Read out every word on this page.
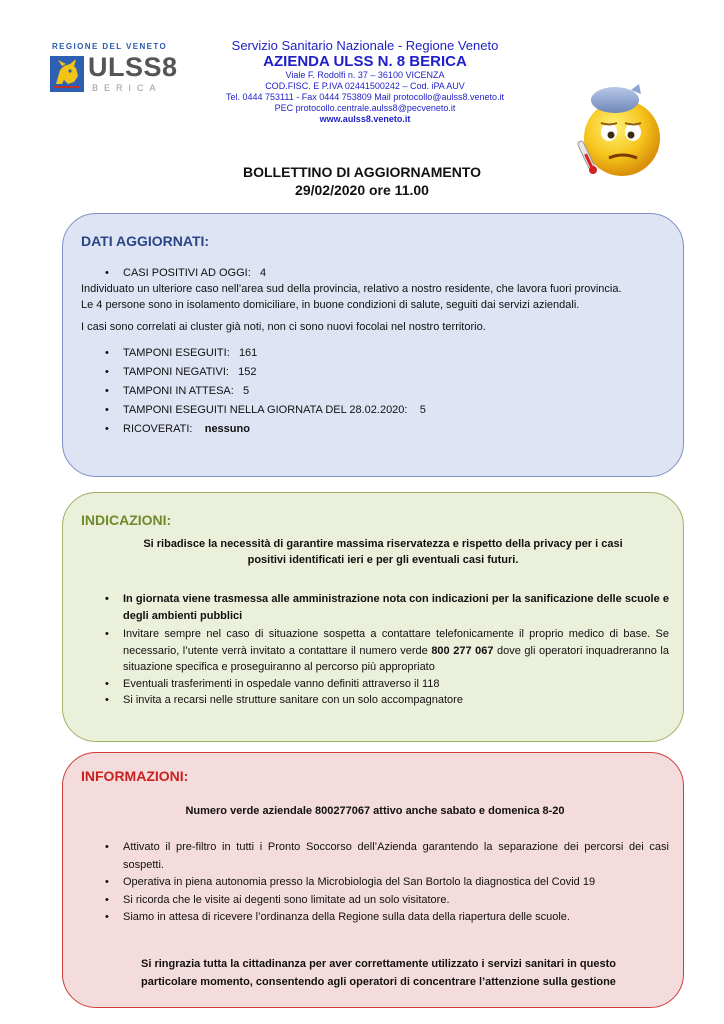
REGIONE DEL VENETO
ULSS8
BERICA
Servizio Sanitario Nazionale - Regione Veneto
AZIENDA ULSS N. 8 BERICA
Viale F. Rodolfi n. 37 – 36100 VICENZA
COD.FISC. E P.IVA 02441500242 – Cod. iPA AUV
Tel. 0444 753111 - Fax 0444 753809 Mail protocollo@aulss8.veneto.it
PEC protocollo.centrale.aulss8@pecveneto.it
www.aulss8.veneto.it
BOLLETTINO DI AGGIORNAMENTO
29/02/2020 ore 11.00
DATI AGGIORNATI:
• CASI POSITIVI AD OGGI: 4
Individuato un ulteriore caso nell’area sud della provincia, relativo a nostro residente, che lavora fuori provincia.
Le 4 persone sono in isolamento domiciliare, in buone condizioni di salute, seguiti dai servizi aziendali.
I casi sono correlati ai cluster già noti, non ci sono nuovi focolai nel nostro territorio.
• TAMPONI ESEGUITI: 161
• TAMPONI NEGATIVI: 152
• TAMPONI IN ATTESA: 5
• TAMPONI ESEGUITI NELLA GIORNATA DEL 28.02.2020: 5
• RICOVERATI: nessuno
INDICAZIONI:
Si ribadisce la necessità di garantire massima riservatezza e rispetto della privacy per i casi positivi identificati ieri e per gli eventuali casi futuri.
• In giornata viene trasmessa alle amministrazione nota con indicazioni per la sanificazione delle scuole e degli ambienti pubblici
• Invitare sempre nel caso di situazione sospetta a contattare telefonicamente il proprio medico di base. Se necessario, l’utente verrà invitato a contattare il numero verde 800 277 067 dove gli operatori inquadreranno la situazione specifica e proseguiranno al percorso più appropriato
• Eventuali trasferimenti in ospedale vanno definiti attraverso il 118
• Si invita a recarsi nelle strutture sanitare con un solo accompagnatore
INFORMAZIONI:
Numero verde aziendale 800277067 attivo anche sabato e domenica 8-20
• Attivato il pre-filtro in tutti i Pronto Soccorso dell’Azienda garantendo la separazione dei percorsi dei casi sospetti.
• Operativa in piena autonomia presso la Microbiologia del San Bortolo la diagnostica del Covid 19
• Si ricorda che le visite ai degenti sono limitate ad un solo visitatore.
• Siamo in attesa di ricevere l’ordinanza della Regione sulla data della riapertura delle scuole.
Si ringrazia tutta la cittadinanza per aver correttamente utilizzato i servizi sanitari in questo particolare momento, consentendo agli operatori di concentrare l’attenzione sulla gestione
